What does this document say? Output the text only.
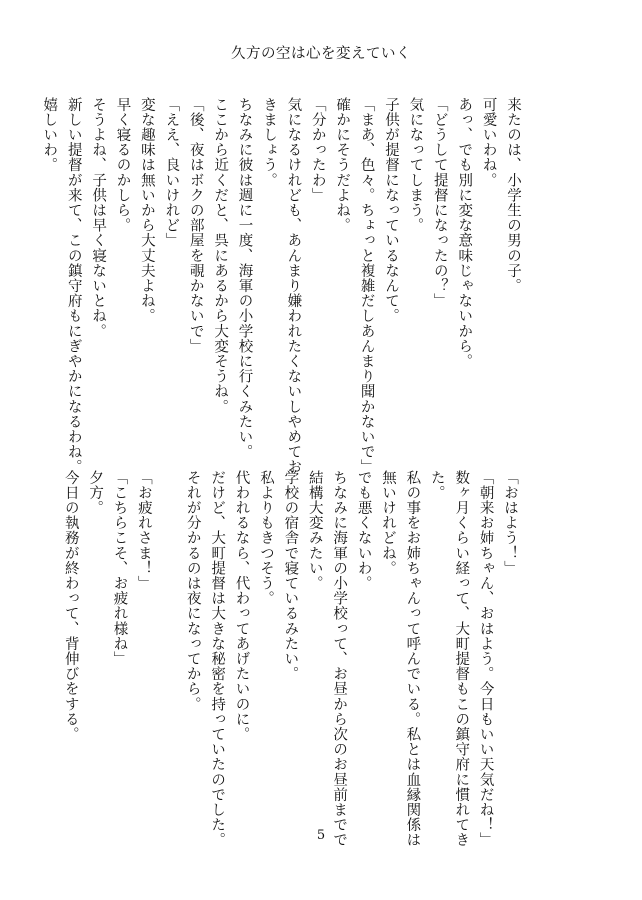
久方の空は心を変えていく

来たのは、小学生の男の子。

可愛いわね。

あっ、でも別に変な意味じゃないから。

「どうして提督になったの？」

気になってしまう。

子供が提督になっているなんて。

「まあ、色々。ちょっと複雑だしあんまり聞かないで」

確かにそうだよね。

「分かったわ」

気になるけれども、あんまり嫌われたくないしやめてお

きましょう。

ちなみに彼は週に一度、海軍の小学校に行くみたい。

ここから近くだと、呉にあるから大変そうね。

「後、夜はボクの部屋を覗かないで」

「ええ、良いけれど」

変な趣味は無いから大丈夫よね。

早く寝るのかしら。

そうよね、子供は早く寝ないとね。

新しい提督が来て、この鎮守府もにぎやかになるわね。

嬉しいわ。

「おはよう！」

「朝来お姉ちゃん、おはよう。今日もいい天気だね！」

数ヶ月くらい経って、大町提督もこの鎮守府に慣れてき

た。

私の事をお姉ちゃんって呼んでいる。私とは血縁関係は

無いけれどね。

でも悪くないわ。

ちなみに海軍の小学校って、お昼から次のお昼前までで

結構大変みたい。

学校の宿舎で寝ているみたい。

私よりもきつそう。

代われるなら、代わってあげたいのに。

だけど、大町提督は大きな秘密を持っていたのでした。

それが分かるのは夜になってから。

「お疲れさま！」

「こちらこそ、お疲れ様ね」

夕方。

今日の執務が終わって、背伸びをする。

5
